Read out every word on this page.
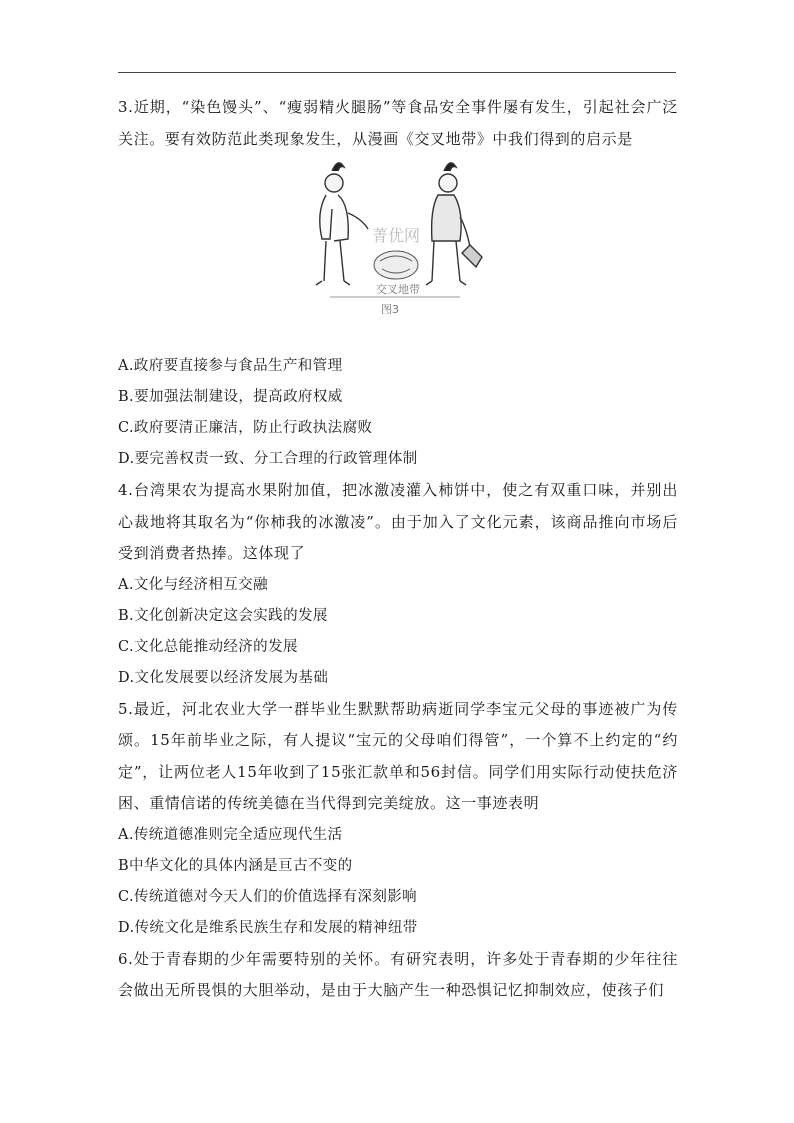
3.近期，“染色馒头”、“瘦弱精火腿肠”等食品安全事件屡有发生，引起社会广泛关注。要有效防范此类现象发生，从漫画《交叉地带》中我们得到的启示是

菁优网
交叉地带
图3

A.政府要直接参与食品生产和管理

B.要加强法制建设，提高政府权威

C.政府要清正廉洁，防止行政执法腐败

D.要完善权责一致、分工合理的行政管理体制

4.台湾果农为提高水果附加值，把冰激凌灌入柿饼中，使之有双重口味，并别出心裁地将其取名为“你柿我的冰激凌”。由于加入了文化元素，该商品推向市场后受到消费者热捧。这体现了

A.文化与经济相互交融

B.文化创新决定这会实践的发展

C.文化总能推动经济的发展

D.文化发展要以经济发展为基础

5.最近，河北农业大学一群毕业生默默帮助病逝同学李宝元父母的事迹被广为传颂。15年前毕业之际，有人提议“宝元的父母咱们得管”，一个算不上约定的“约定”，让两位老人15年收到了15张汇款单和56封信。同学们用实际行动使扶危济困、重情信诺的传统美德在当代得到完美绽放。这一事迹表明

A.传统道德准则完全适应现代生活

B中华文化的具体内涵是亘古不变的

C.传统道德对今天人们的价值选择有深刻影响

D.传统文化是维系民族生存和发展的精神纽带

6.处于青春期的少年需要特别的关怀。有研究表明，许多处于青春期的少年往往会做出无所畏惧的大胆举动，是由于大脑产生一种恐惧记忆抑制效应，使孩子们
